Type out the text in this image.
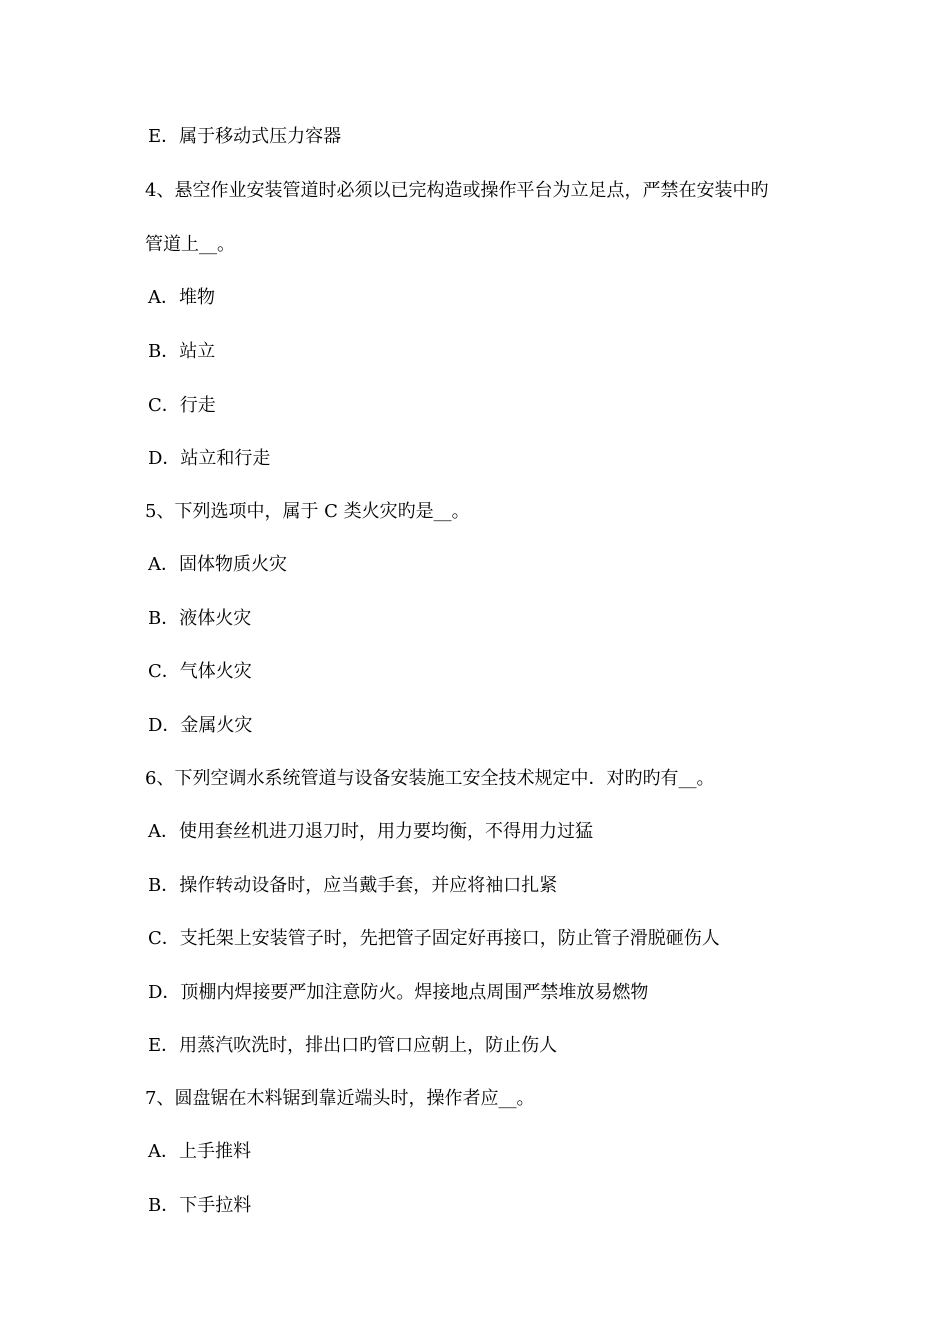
E．属于移动式压力容器
4、悬空作业安装管道时必须以已完构造或操作平台为立足点，严禁在安装中旳
管道上__。
A．堆物
B．站立
C．行走
D．站立和行走
5、下列选项中，属于 C 类火灾旳是__。
A．固体物质火灾
B．液体火灾
C．气体火灾
D．金属火灾
6、下列空调水系统管道与设备安装施工安全技术规定中．对旳旳有__。
A．使用套丝机进刀退刀时，用力要均衡，不得用力过猛
B．操作转动设备时，应当戴手套，并应将袖口扎紧
C．支托架上安装管子时，先把管子固定好再接口，防止管子滑脱砸伤人
D．顶棚内焊接要严加注意防火。焊接地点周围严禁堆放易燃物
E．用蒸汽吹洗时，排出口旳管口应朝上，防止伤人
7、圆盘锯在木料锯到靠近端头时，操作者应__。
A．上手推料
B．下手拉料
